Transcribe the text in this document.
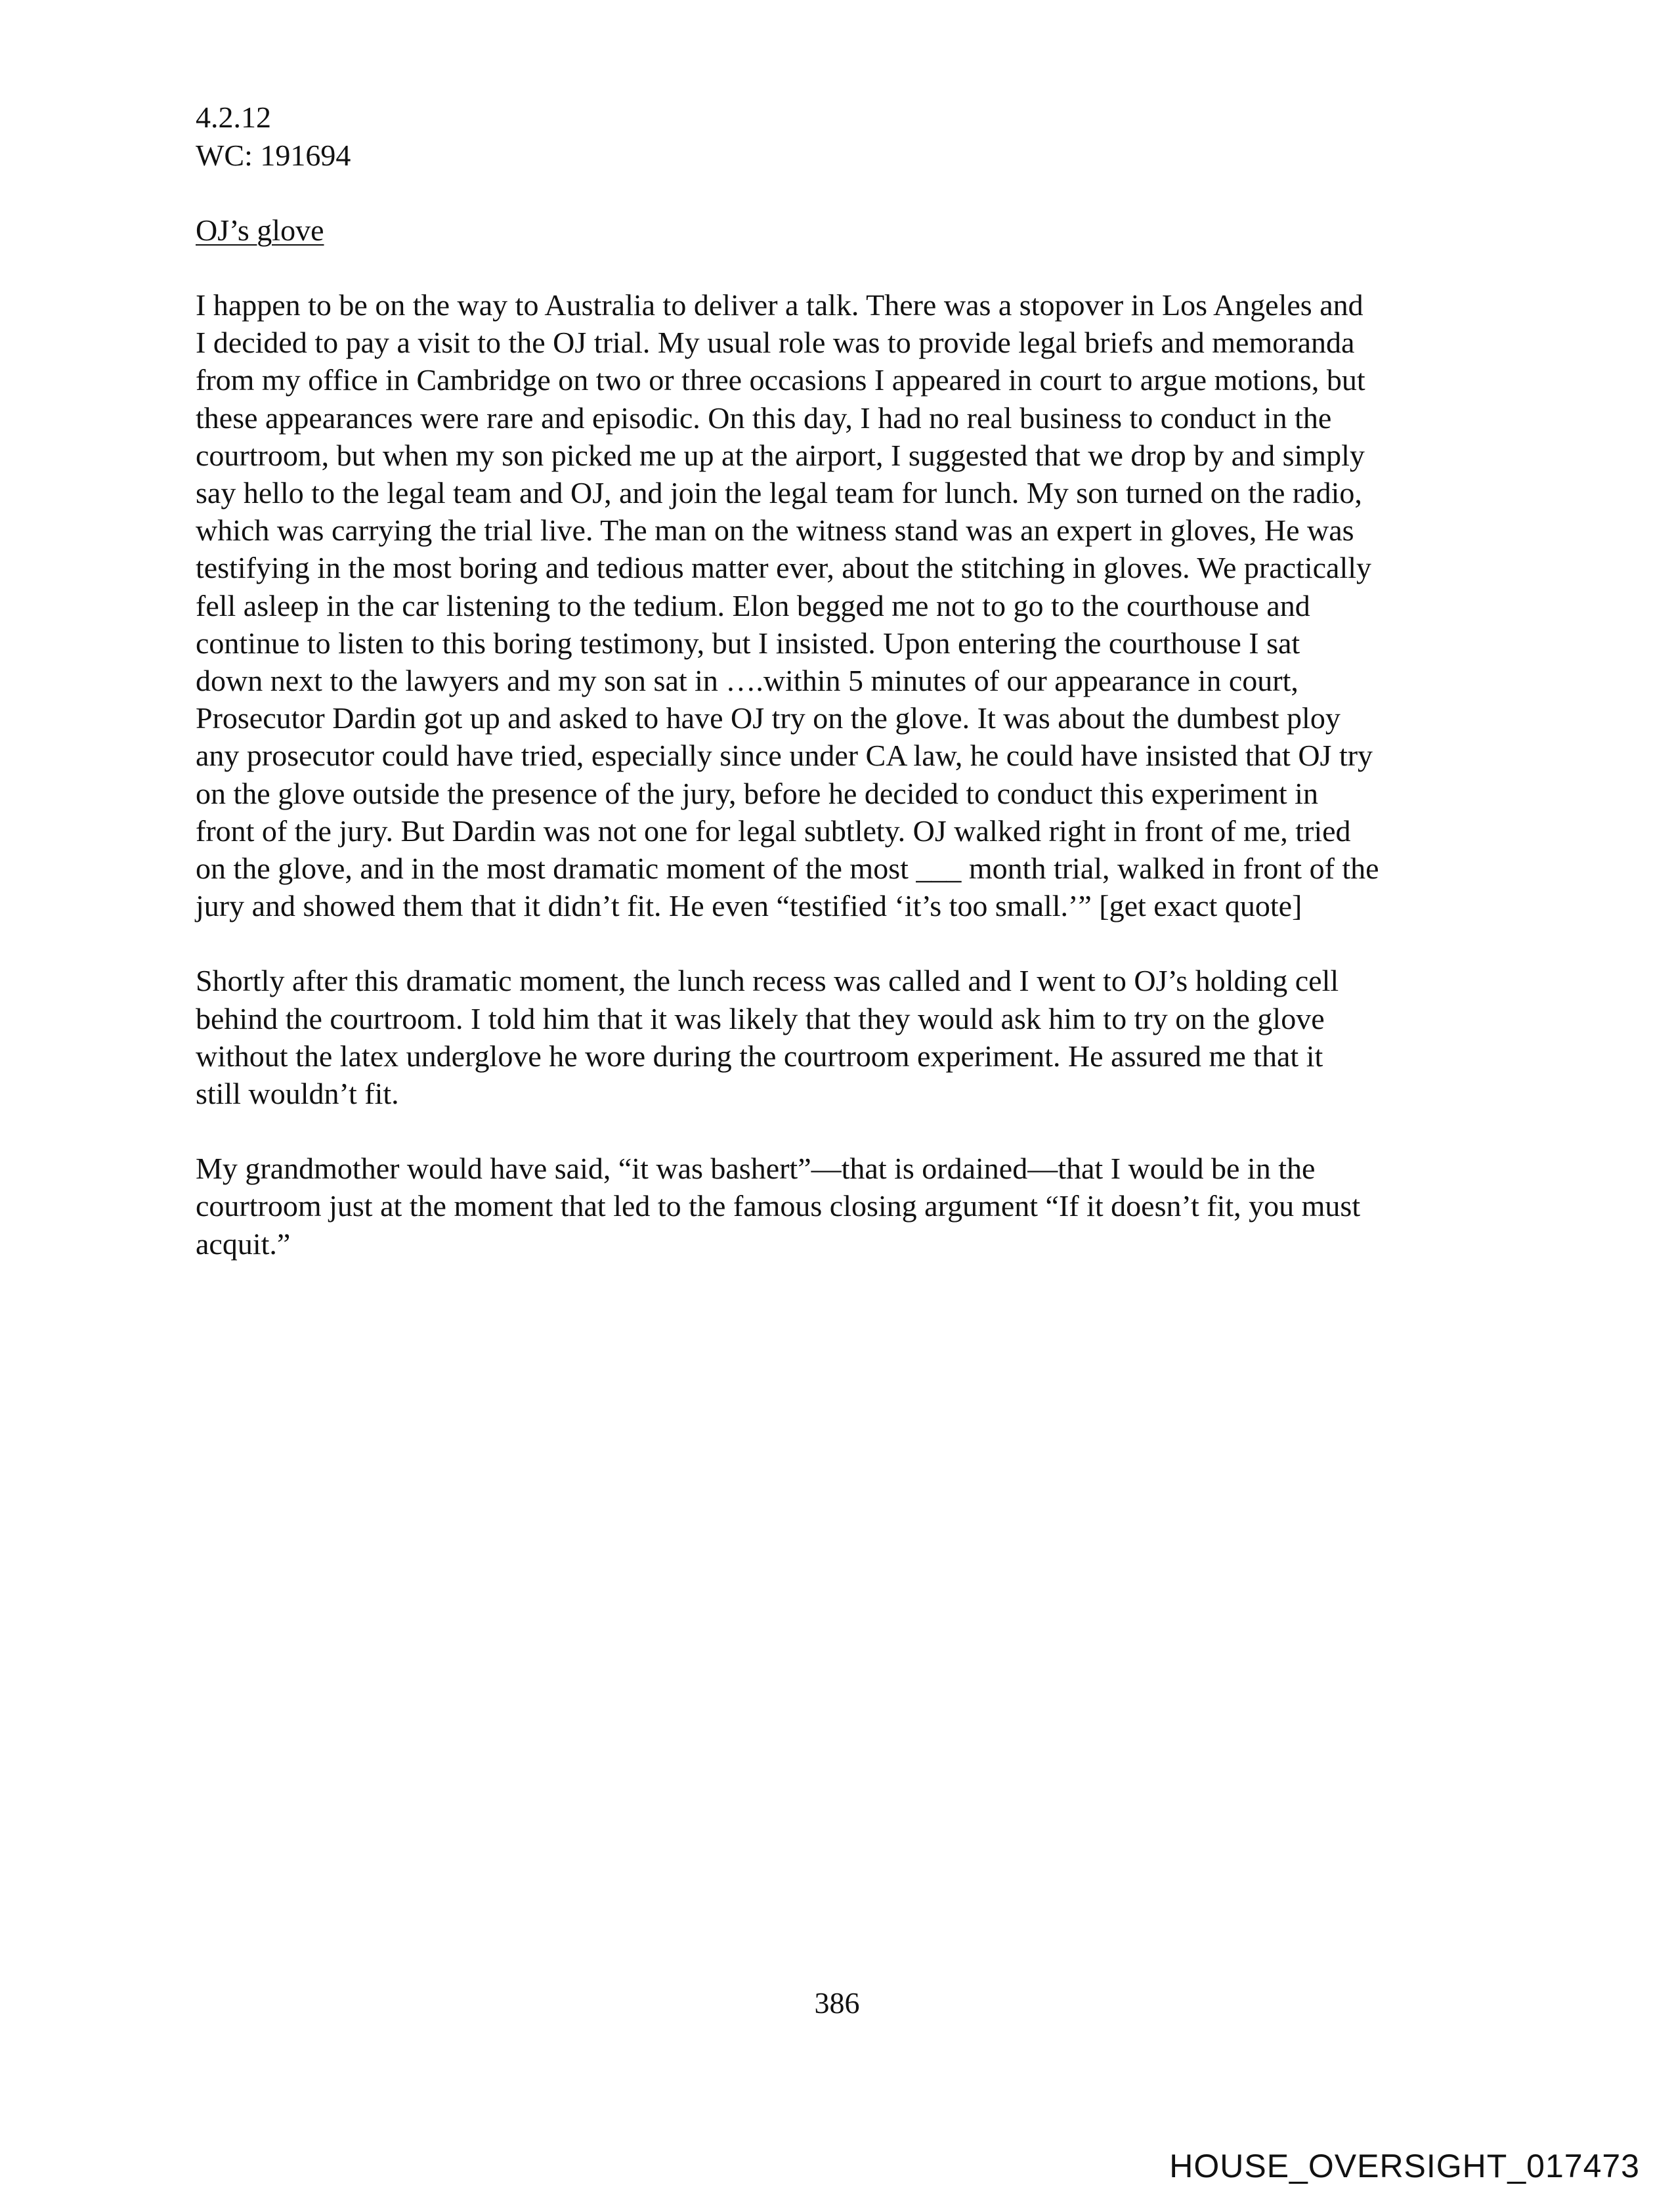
4.2.12
WC: 191694
OJ’s glove

I happen to be on the way to Australia to deliver a talk. There was a stopover in Los Angeles and
I decided to pay a visit to the OJ trial. My usual role was to provide legal briefs and memoranda
from my office in Cambridge on two or three occasions I appeared in court to argue motions, but
these appearances were rare and episodic. On this day, I had no real business to conduct in the
courtroom, but when my son picked me up at the airport, I suggested that we drop by and simply
say hello to the legal team and OJ, and join the legal team for lunch. My son turned on the radio,
which was carrying the trial live. The man on the witness stand was an expert in gloves, He was
testifying in the most boring and tedious matter ever, about the stitching in gloves. We practically
fell asleep in the car listening to the tedium. Elon begged me not to go to the courthouse and
continue to listen to this boring testimony, but I insisted. Upon entering the courthouse I sat
down next to the lawyers and my son sat in ….within 5 minutes of our appearance in court,
Prosecutor Dardin got up and asked to have OJ try on the glove. It was about the dumbest ploy
any prosecutor could have tried, especially since under CA law, he could have insisted that OJ try
on the glove outside the presence of the jury, before he decided to conduct this experiment in
front of the jury. But Dardin was not one for legal subtlety. OJ walked right in front of me, tried
on the glove, and in the most dramatic moment of the most ___ month trial, walked in front of the
jury and showed them that it didn’t fit. He even “testified ‘it’s too small.’” [get exact quote]

Shortly after this dramatic moment, the lunch recess was called and I went to OJ’s holding cell
behind the courtroom. I told him that it was likely that they would ask him to try on the glove
without the latex underglove he wore during the courtroom experiment. He assured me that it
still wouldn’t fit.

My grandmother would have said, “it was bashert”—that is ordained—that I would be in the
courtroom just at the moment that led to the famous closing argument “If it doesn’t fit, you must
acquit.”

386
HOUSE_OVERSIGHT_017473
